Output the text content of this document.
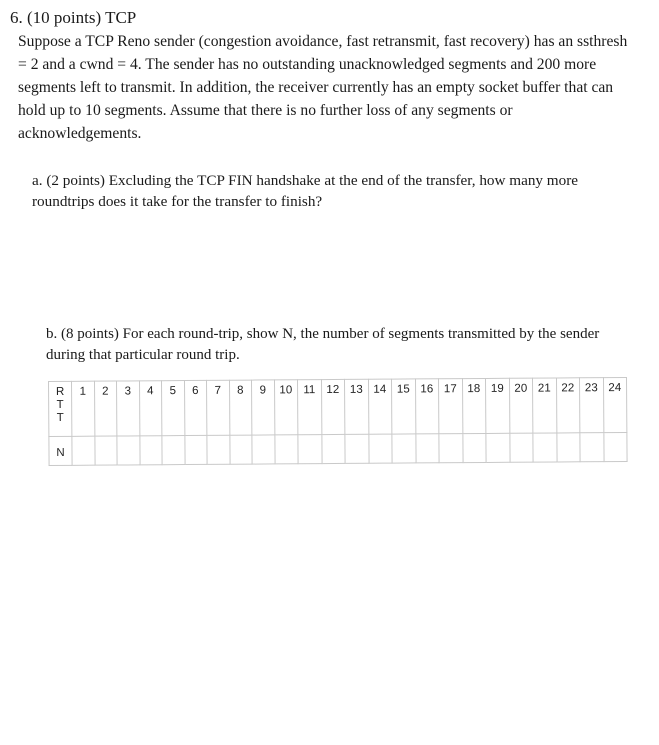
6. (10 points) TCP
Suppose a TCP Reno sender (congestion avoidance, fast retransmit, fast recovery) has an ssthresh = 2 and a cwnd = 4. The sender has no outstanding unacknowledged segments and 200 more segments left to transmit. In addition, the receiver currently has an empty socket buffer that can hold up to 10 segments. Assume that there is no further loss of any segments or acknowledgements.
a. (2 points) Excluding the TCP FIN handshake at the end of the transfer, how many more roundtrips does it take for the transfer to finish?
b. (8 points) For each round-trip, show N, the number of segments transmitted by the sender during that particular round trip.
R
T
T	1	2	3	4	5	6	7	8	9	10	11	12	13	14	15	16	17	18	19	20	21	22	23	24
N																								
